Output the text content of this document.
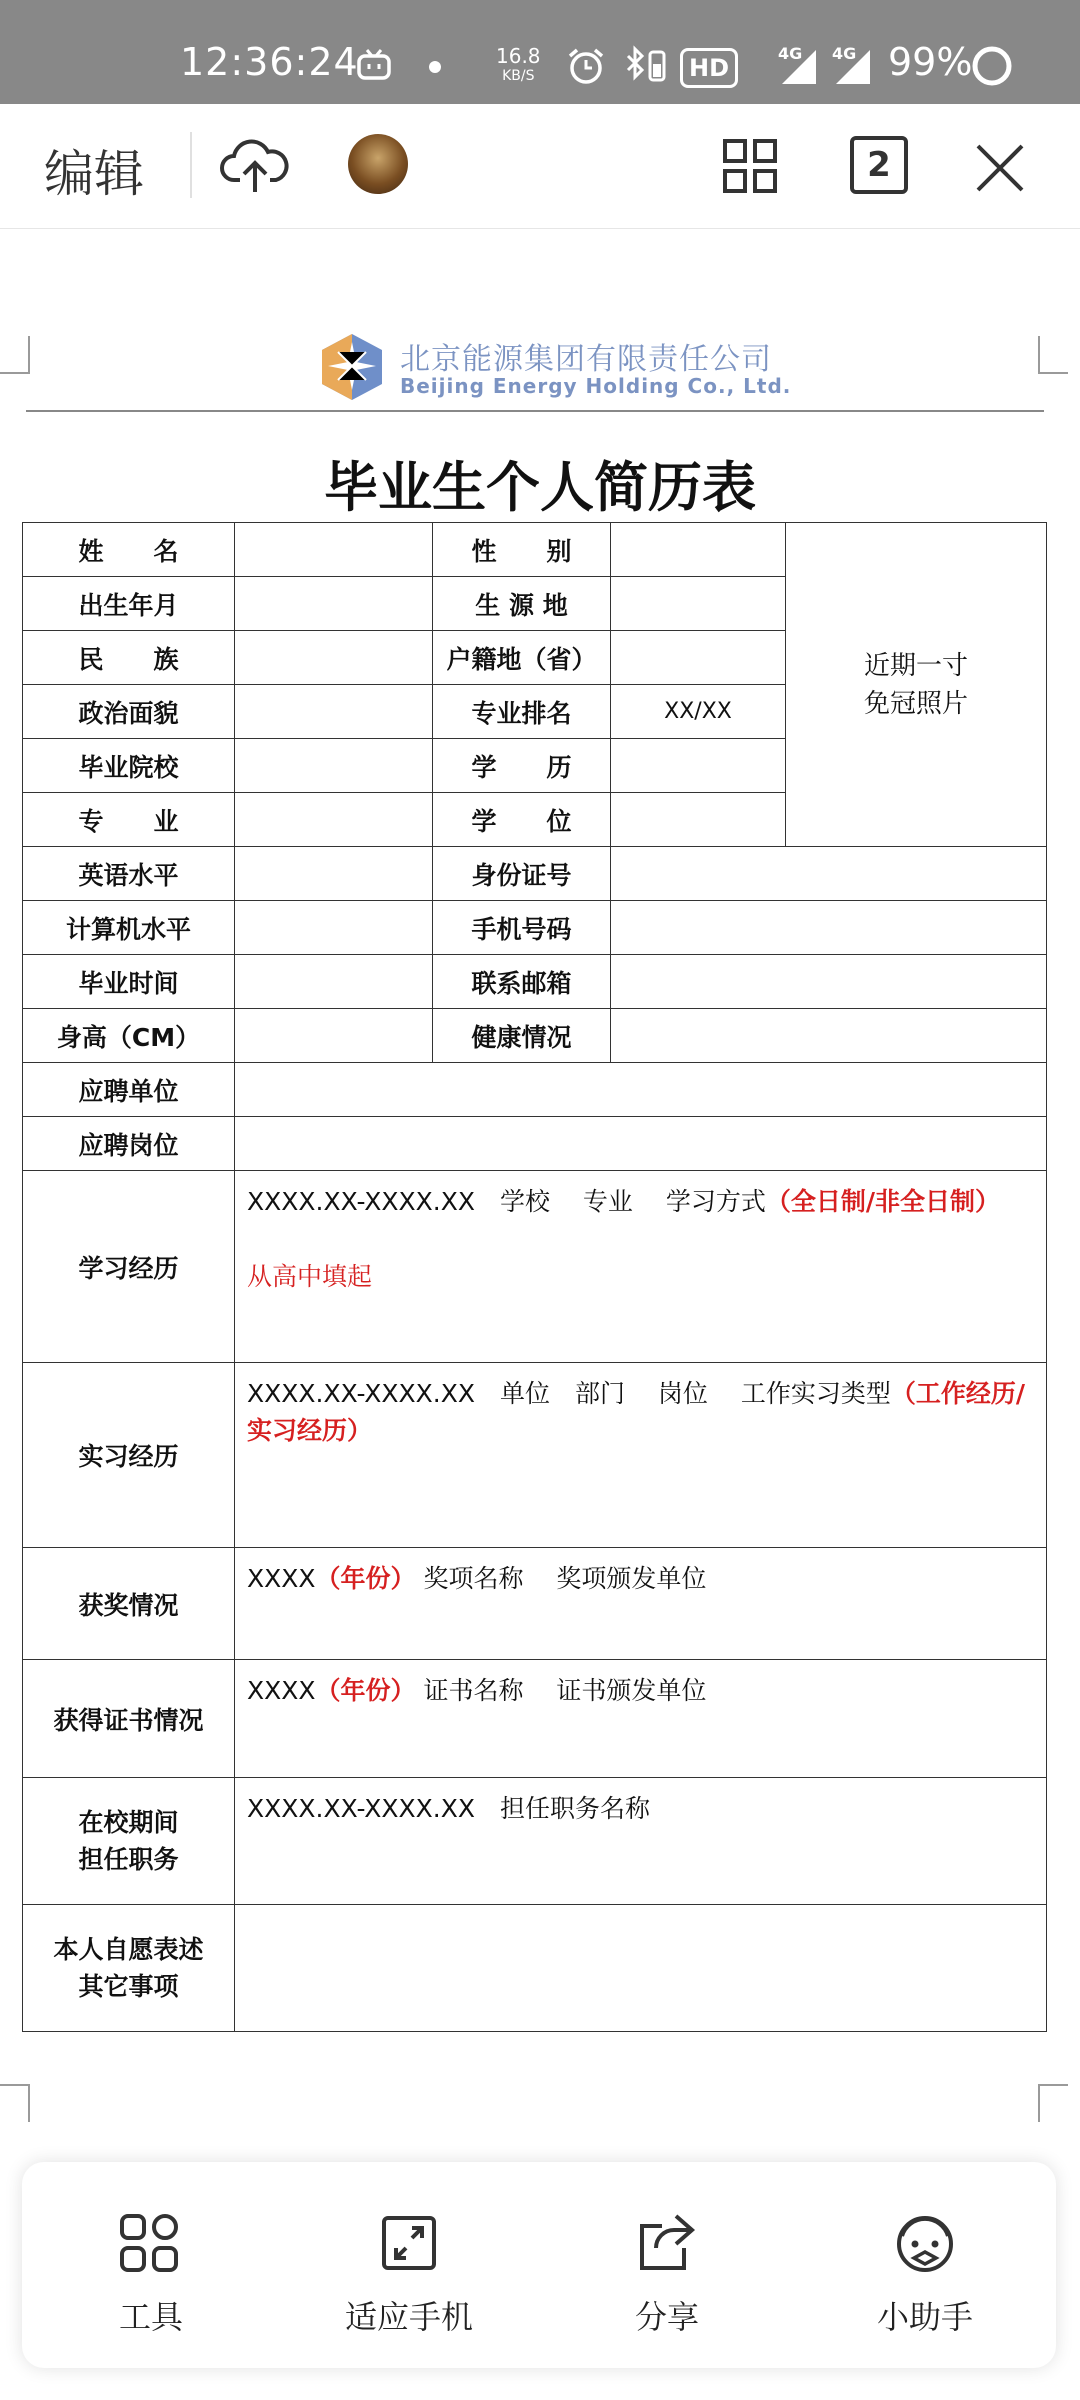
12:36:24	16.8
KB/S	HD
4G 4G 99%
编辑	2
北京能源集团有限责任公司
Beijing Energy Holding Co., Ltd.
毕业生个人简历表
姓　　名		性　　别		近期一寸
免冠照片

出生年月		生 源 地		
民　　族		户籍地（省）		
政治面貌		专业排名	XX/XX	
毕业院校		学　　历		
专　　业		学　　位		
英语水平		身份证号		
计算机水平		手机号码		
毕业时间		联系邮箱		
身高（CM）		健康情况		
应聘单位				
应聘岗位				
学习经历	XXXX.XX-XXXX.XX　学校　 专业　 学习方式（全日制/非全日制）
从高中填起			

实习经历	XXXX.XX-XXXX.XX　单位　部门　 岗位　 工作实习类型（工作经历/实习经历）			
获奖情况	XXXX（年份） 奖项名称　 奖项颁发单位			
获得证书情况	XXXX（年份） 证书名称　 证书颁发单位			

在校期间
担任职务	XXXX.XX-XXXX.XX　担任职务名称			

本人自愿表述
其它事项				

工具	适应手机	分享	小助手
